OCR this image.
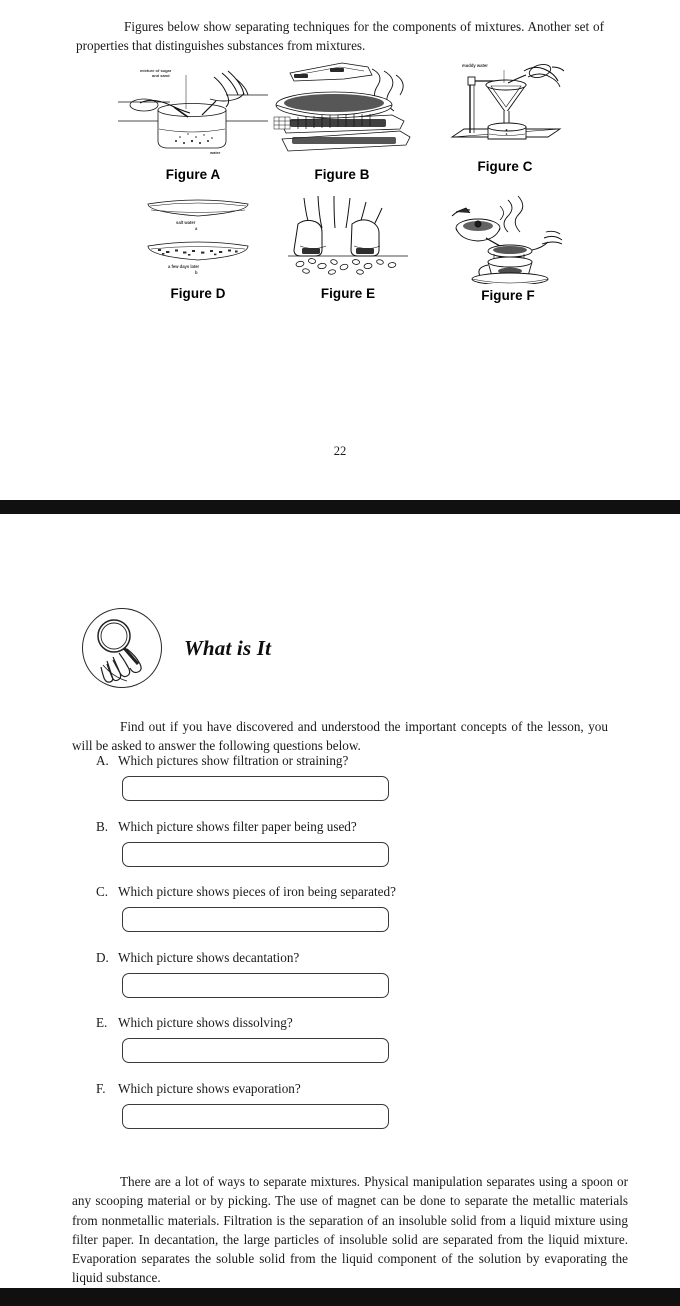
Figures below show separating techniques for the components of mixtures. Another set of properties that distinguishes substances from mixtures.

mixture of sugar
and sand
water
Figure A	Figure B
muddy water
Figure C
salt water
a
a few days later
b
Figure D	Figure E	Figure F
22
What is It

Find out if you have discovered and understood the important concepts of the lesson, you will be asked to answer the following questions below.

A. Which pictures show filtration or straining?
B. Which picture shows filter paper being used?
C. Which picture shows pieces of iron being separated?
D. Which picture shows decantation?
E. Which picture shows dissolving?
F. Which picture shows evaporation?

There are a lot of ways to separate mixtures. Physical manipulation separates using a spoon or any scooping material or by picking. The use of magnet can be done to separate the metallic materials from nonmetallic materials. Filtration is the separation of an insoluble solid from a liquid mixture using filter paper. In decantation, the large particles of insoluble solid are separated from the liquid mixture. Evaporation separates the soluble solid from the liquid component of the solution by evaporating the liquid substance.
